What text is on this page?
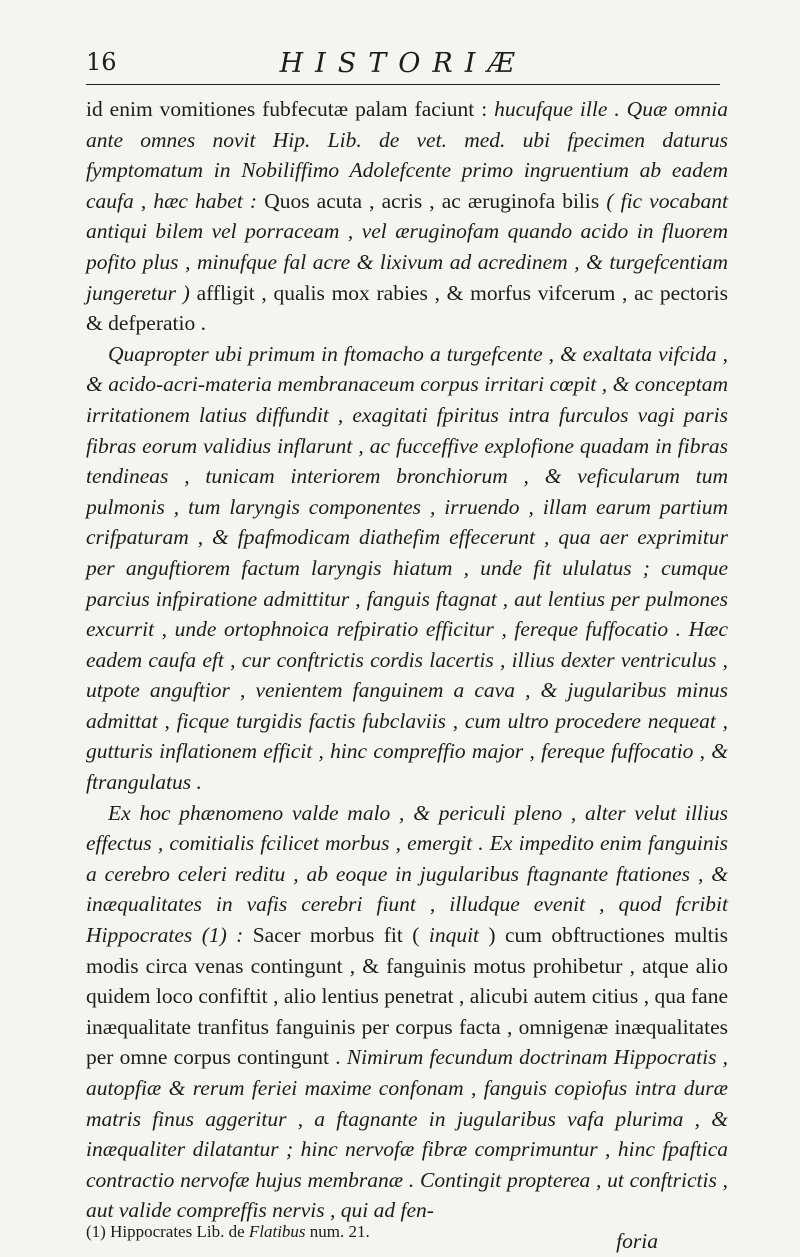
16	HISTORIÆ

id enim vomitiones fubfecutæ palam faciunt : hucufque ille . Quæ omnia ante omnes novit Hip. Lib. de vet. med. ubi fpecimen daturus fymptomatum in Nobiliffimo Adolefcente primo ingruentium ab eadem caufa , hæc habet : Quos acuta , acris , ac æruginofa bilis ( fic vocabant antiqui bilem vel porraceam , vel æruginofam quando acido in fluorem pofito plus , minufque fal acre & lixivum ad acredinem , & turgefcentiam jungeretur ) affligit , qualis mox rabies , & morfus vifcerum , ac pectoris & defperatio .

Quapropter ubi primum in ftomacho a turgefcente , & exaltata vifcida , & acido-acri-materia membranaceum corpus irritari cœpit , & conceptam irritationem latius diffundit , exagitati fpiritus intra furculos vagi paris fibras eorum validius inflarunt , ac fucceffive explofione quadam in fibras tendineas , tunicam interiorem bronchiorum , & veficularum tum pulmonis , tum laryngis componentes , irruendo , illam earum partium crifpaturam , & fpafmodicam diathefim effecerunt , qua aer exprimitur per anguftiorem factum laryngis hiatum , unde fit ululatus ; cumque parcius infpiratione admittitur , fanguis ftagnat , aut lentius per pulmones excurrit , unde ortophnoica refpiratio efficitur , fereque fuffocatio . Hæc eadem caufa eft , cur conftrictis cordis lacertis , illius dexter ventriculus , utpote anguftior , venientem fanguinem a cava , & jugularibus minus admittat , ficque turgidis factis fubclaviis , cum ultro procedere nequeat , gutturis inflationem efficit , hinc compreffio major , fereque fuffocatio , & ftrangulatus .

Ex hoc phænomeno valde malo , & periculi pleno , alter velut illius effectus , comitialis fcilicet morbus , emergit . Ex impedito enim fanguinis a cerebro celeri reditu , ab eoque in jugularibus ftagnante ftationes , & inæqualitates in vafis cerebri fiunt , illudque evenit , quod fcribit Hippocrates (1) : Sacer morbus fit ( inquit ) cum obftructiones multis modis circa venas contingunt , & fanguinis motus prohibetur , atque alio quidem loco confiftit , alio lentius penetrat , alicubi autem citius , qua fane inæqualitate tranfitus fanguinis per corpus facta , omnigenæ inæqualitates per omne corpus contingunt . Nimirum fecundum doctrinam Hippocratis , autopfiæ & rerum feriei maxime confonam , fanguis copiofus intra duræ matris finus aggeritur , a ftagnante in jugularibus vafa plurima , & inæqualiter dilatantur ; hinc nervofæ fibræ comprimuntur , hinc fpaftica contractio nervofæ hujus membranæ . Contingit propterea , ut conftrictis , aut valide compreffis nervis , qui ad fen-

foria
(1) Hippocrates Lib. de Flatibus num. 21.
